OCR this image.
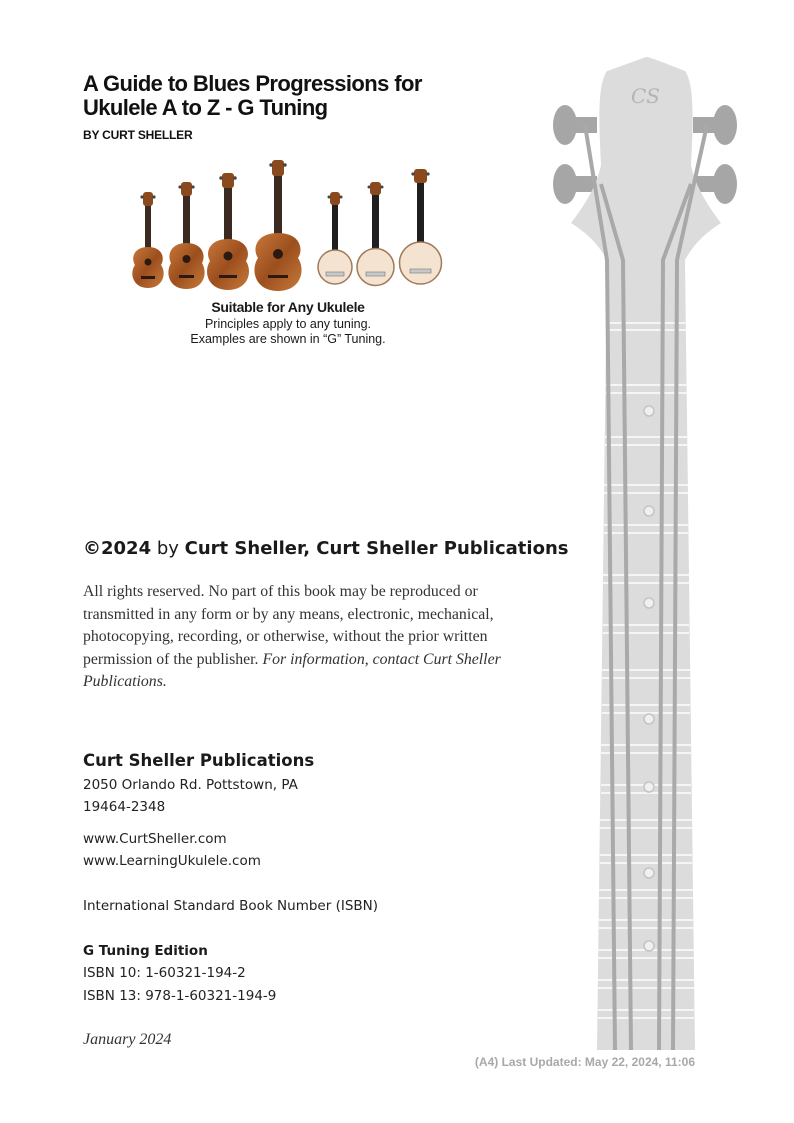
A Guide to Blues Progressions for
Ukulele A to Z - G Tuning
BY CURT SHELLER
Suitable for Any Ukulele
Principles apply to any tuning.
Examples are shown in “G” Tuning.
©2024 by Curt Sheller, Curt Sheller Publications
All rights reserved. No part of this book may be reproduced or transmitted in any form or by any means, electronic, mechanical, photocopying, recording, or otherwise, without the prior written permission of the publisher. For information, contact Curt Sheller Publications.
Curt Sheller Publications
2050 Orlando Rd. Pottstown, PA
19464-2348
www.CurtSheller.com
www.LearningUkulele.com
International Standard Book Number (ISBN)
G Tuning Edition
ISBN 10: 1-60321-194-2
ISBN 13: 978-1-60321-194-9
January 2024
(A4) Last Updated: May 22, 2024, 11:06
CS
